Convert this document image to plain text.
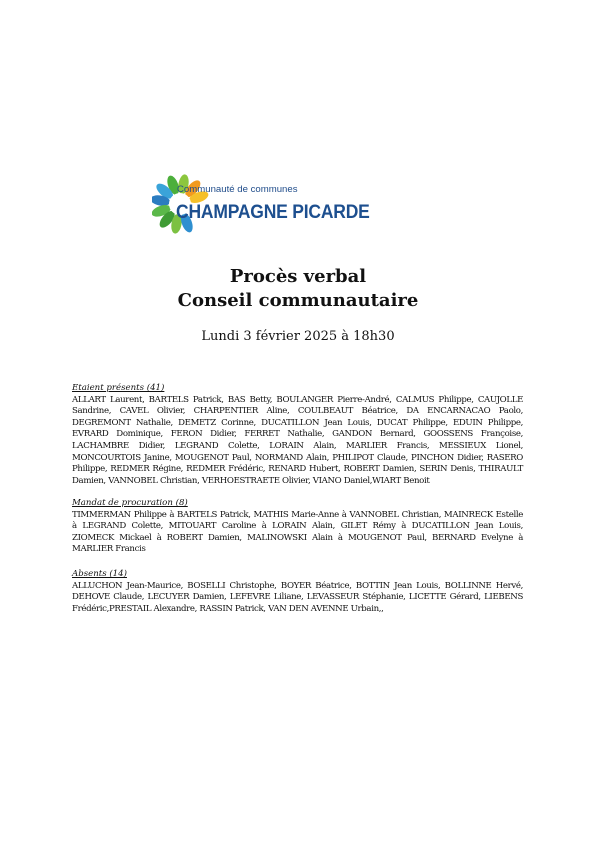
Communauté de communes
CHAMPAGNE PICARDE
Procès verbal
Conseil communautaire
Lundi 3 février 2025 à 18h30
Etaient présents (41)

ALLART Laurent, BARTELS Patrick, BAS Betty, BOULANGER Pierre-André, CALMUS Philippe, CAUJOLLE Sandrine, CAVEL Olivier, CHARPENTIER Aline, COULBEAUT Béatrice, DA ENCARNACAO Paolo, DEGREMONT Nathalie, DEMETZ Corinne, DUCATILLON Jean Louis, DUCAT Philippe, EDUIN Philippe, EVRARD Dominique, FERON Didier, FERRET Nathalie, GANDON Bernard, GOOSSENS Françoise, LACHAMBRE Didier, LEGRAND Colette, LORAIN Alain, MARLIER Francis, MESSIEUX Lionel, MONCOURTOIS Janine, MOUGENOT Paul, NORMAND Alain, PHILIPOT Claude, PINCHON Didier, RASERO Philippe, REDMER Régine, REDMER Frédéric, RENARD Hubert, ROBERT Damien, SERIN Denis, THIRAULT Damien, VANNOBEL Christian, VERHOESTRAETE Olivier, VIANO Daniel,WIART Benoit

Mandat de procuration (8)

TIMMERMAN Philippe à BARTELS Patrick, MATHIS Marie-Anne à VANNOBEL Christian, MAINRECK Estelle à LEGRAND Colette, MITOUART Caroline à LORAIN Alain, GILET Rémy à DUCATILLON Jean Louis, ZIOMECK Mickael à ROBERT Damien, MALINOWSKI Alain à MOUGENOT Paul, BERNARD Evelyne à MARLIER Francis

Absents (14)

ALLUCHON Jean-Maurice, BOSELLI Christophe, BOYER Béatrice, BOTTIN Jean Louis, BOLLINNE Hervé, DEHOVE Claude, LECUYER Damien, LEFEVRE Liliane, LEVASSEUR Stéphanie, LICETTE Gérard, LIEBENS Frédéric,PRESTAIL Alexandre, RASSIN Patrick, VAN DEN AVENNE Urbain,,
